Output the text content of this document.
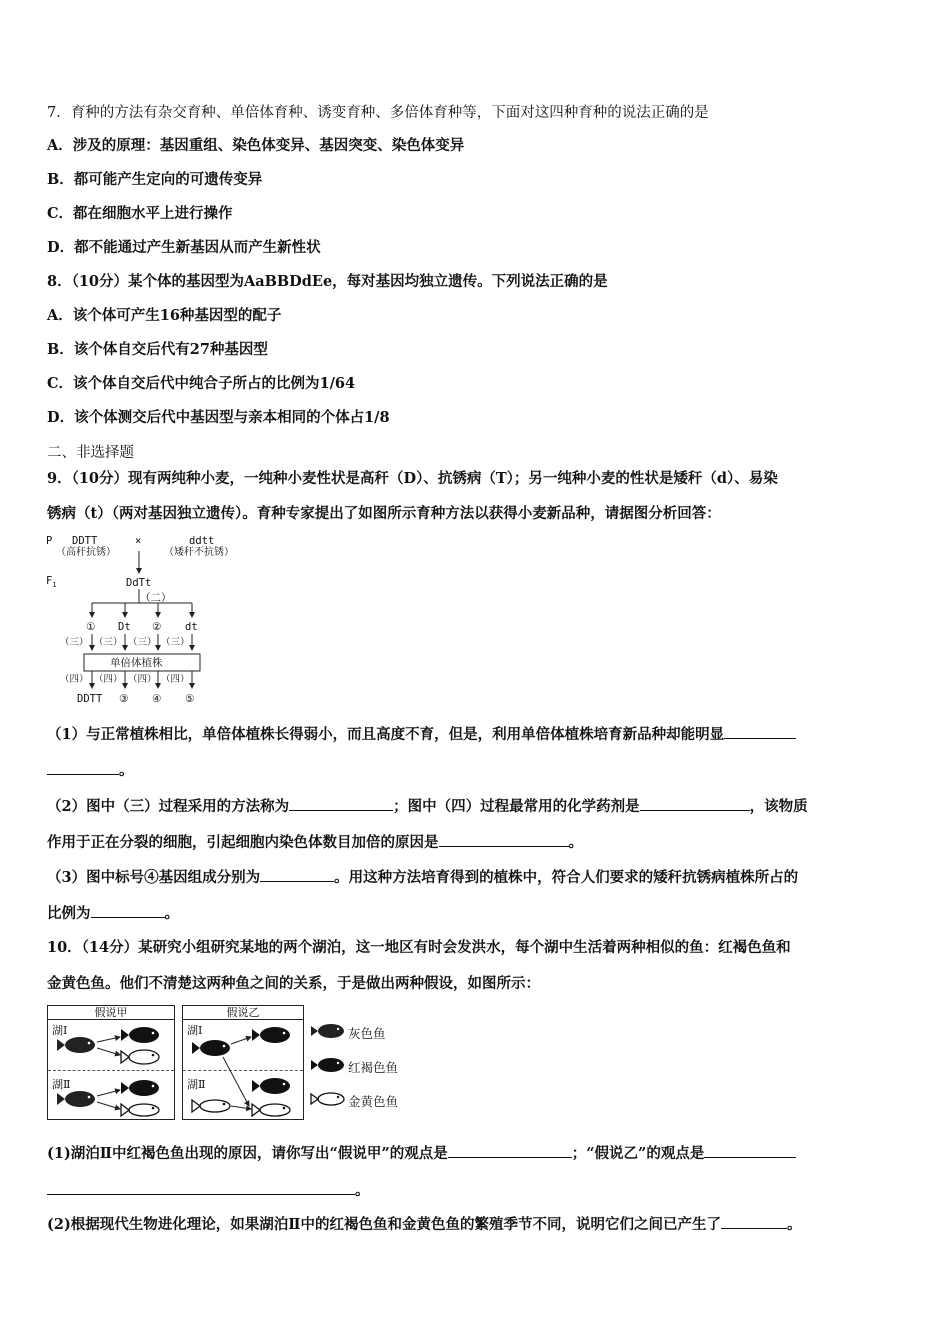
7．育种的方法有杂交育种、单倍体育种、诱变育种、多倍体育种等，下面对这四种育种的说法正确的是
A．涉及的原理：基因重组、染色体变异、基因突变、染色体变异
B．都可能产生定向的可遗传变异
C．都在细胞水平上进行操作
D．都不能通过产生新基因从而产生新性状
8．（10分）某个体的基因型为AaBBDdEe，每对基因均独立遗传。下列说法正确的是
A．该个体可产生16种基因型的配子
B．该个体自交后代有27种基因型
C．该个体自交后代中纯合子所占的比例为1/64
D．该个体测交后代中基因型与亲本相同的个体占1/8
二、非选择题
9．（10分）现有两纯种小麦，一纯种小麦性状是高秆（D）、抗锈病（T）；另一纯种小麦的性状是矮秆（d）、易染
锈病（t）（两对基因独立遗传）。育种专家提出了如图所示育种方法以获得小麦新品种，请据图分析回答：
P DDTT
（高秆抗锈）
×	ddtt
（矮秆不抗锈）
$F_1$	DdTt
（二）
① Dt ② dt
（三） （三） （三） （三）
单倍体植株
（四） （四） （四） （四）
DDTT ③ ④ ⑤
（1）与正常植株相比，单倍体植株长得弱小，而且高度不育，但是，利用单倍体植株培育新品种却能明显
。
（2）图中（三）过程采用的方法称为	；图中（四）过程最常用的化学药剂是	，该物质
作用于正在分裂的细胞，引起细胞内染色体数目加倍的原因是	。
（3）图中标号④基因组成分别为	。用这种方法培育得到的植株中，符合人们要求的矮秆抗锈病植株所占的
比例为	。
10．（14分）某研究小组研究某地的两个湖泊，这一地区有时会发洪水，每个湖中生活着两种相似的鱼：红褐色鱼和
金黄色鱼。他们不清楚这两种鱼之间的关系，于是做出两种假设，如图所示：
假说甲
湖Ⅰ
湖Ⅱ
假说乙
湖Ⅰ
湖Ⅱ
灰色鱼
红褐色鱼
金黄色鱼
(1)湖泊Ⅱ中红褐色鱼出现的原因，请你写出“假说甲”的观点是	；“假说乙”的观点是
。
(2)根据现代生物进化理论，如果湖泊Ⅱ中的红褐色鱼和金黄色鱼的繁殖季节不同，说明它们之间已产生了	。
